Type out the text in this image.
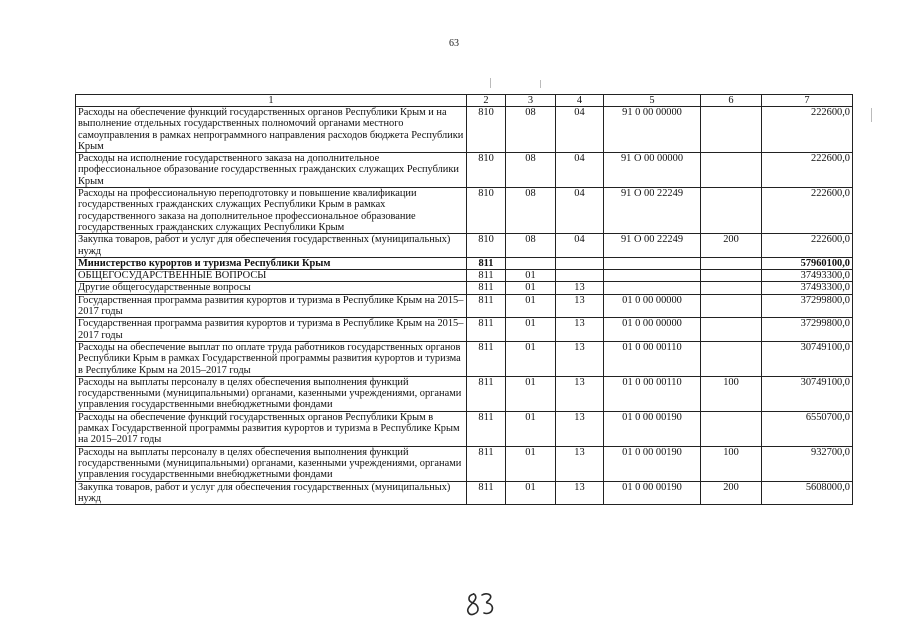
63
1	2	3	4	5	6	7
Расходы на обеспечение функций государственных органов Республики Крым и на выполнение отдельных государственных полномочий органами местного самоуправления в рамках непрограммного направления расходов бюджета Республики Крым	810	08	04	91 0 00 00000		222600,0
Расходы на исполнение государственного заказа на дополнительное профессиональное образование государственных гражданских служащих Республики Крым	810	08	04	91 О 00 00000		222600,0
Расходы на профессиональную переподготовку и повышение квалификации государственных гражданских служащих Республики Крым в рамках государственного заказа на дополнительное профессиональное образование государственных гражданских служащих Республики Крым	810	08	04	91 О 00 22249		222600,0
Закупка товаров, работ и услуг для обеспечения государственных (муниципальных) нужд	810	08	04	91 О 00 22249	200	222600,0
Министерство курортов и туризма Республики Крым	811					57960100,0
ОБЩЕГОСУДАРСТВЕННЫЕ ВОПРОСЫ	811	01				37493300,0
Другие общегосударственные вопросы	811	01	13			37493300,0
Государственная программа развития курортов и туризма в Республике Крым на 2015–2017 годы	811	01	13	01 0 00 00000		37299800,0
Государственная программа развития курортов и туризма в Республике Крым на 2015–2017 годы	811	01	13	01 0 00 00000		37299800,0
Расходы на обеспечение выплат по оплате труда работников государственных органов Республики Крым в рамках Государственной программы развития курортов и туризма в Республике Крым на 2015–2017 годы	811	01	13	01 0 00 00110		30749100,0
Расходы на выплаты персоналу в целях обеспечения выполнения функций государственными (муниципальными) органами, казенными учреждениями, органами управления государственными внебюджетными фондами	811	01	13	01 0 00 00110	100	30749100,0
Расходы на обеспечение функций государственных органов Республики Крым в рамках Государственной программы развития курортов и туризма в Республике Крым на 2015–2017 годы	811	01	13	01 0 00 00190		6550700,0
Расходы на выплаты персоналу в целях обеспечения выполнения функций государственными (муниципальными) органами, казенными учреждениями, органами управления государственными внебюджетными фондами	811	01	13	01 0 00 00190	100	932700,0
Закупка товаров, работ и услуг для обеспечения государственных (муниципальных) нужд	811	01	13	01 0 00 00190	200	5608000,0
